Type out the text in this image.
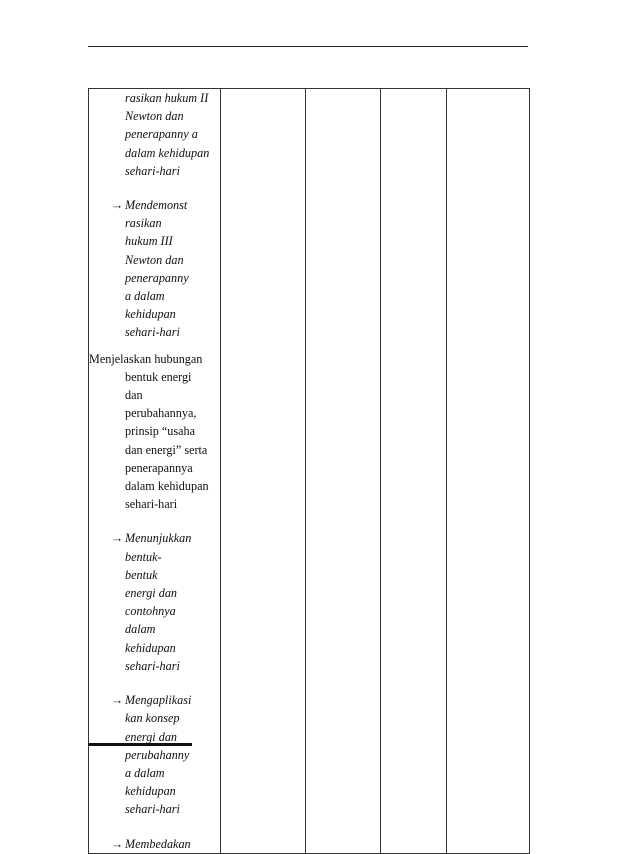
rasikan hukum II Newton dan penerapanny a dalam kehidupan sehari-hari
→ Mendemonst
rasikan
hukum III
Newton dan
penerapanny
a dalam
kehidupan
sehari-hari
Menjelaskan hubungan
bentuk energi
dan
perubahannya,
prinsip “usaha
dan energi” serta
penerapannya
dalam kehidupan
sehari-hari
→ Menunjukkan
bentuk-
bentuk
energi dan
contohnya
dalam
kehidupan
sehari-hari
→ Mengaplikasi
kan konsep
energi dan
perubahanny
a dalam
kehidupan
sehari-hari
→ Membedakan
